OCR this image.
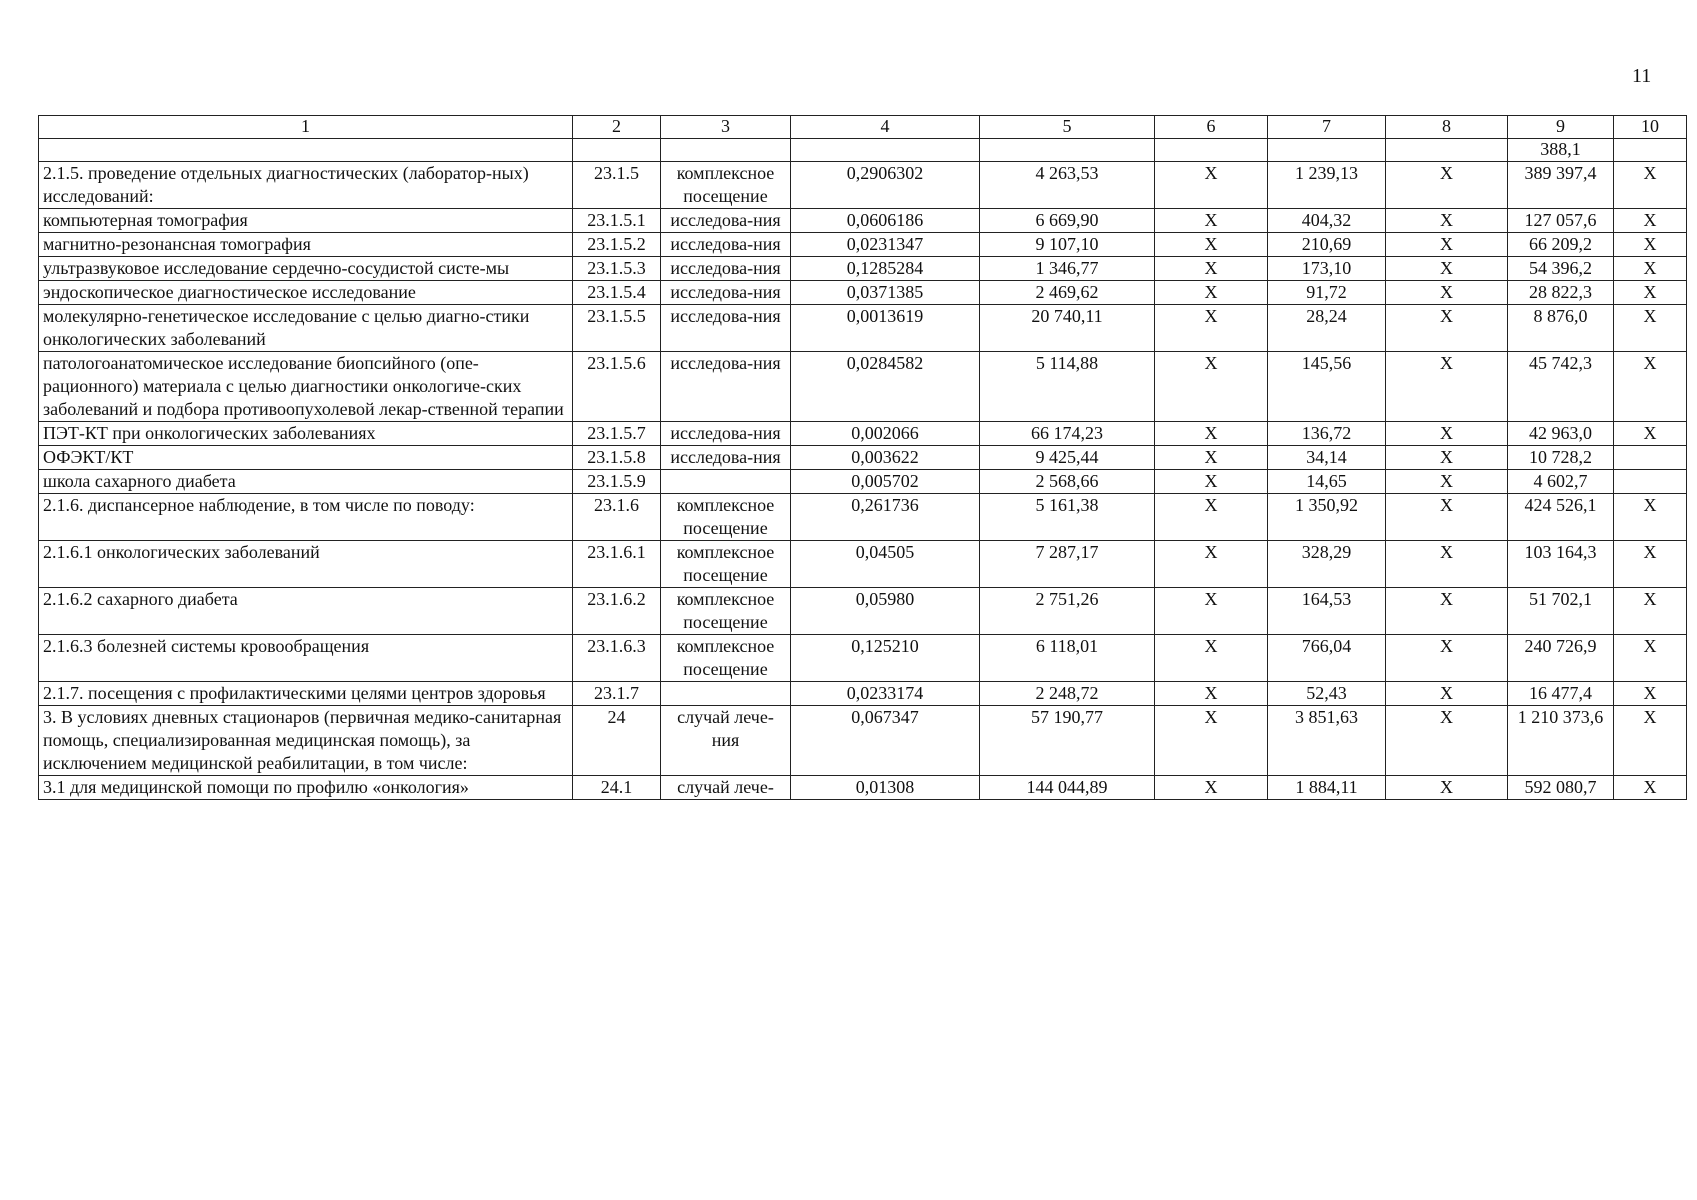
11
1	2	3	4	5	6	7	8	9	10
								388,1	
2.1.5. проведение отдельных диагностических (лаборатор-ных) исследований:	23.1.5	комплексное посещение	0,2906302	4 263,53	X	1 239,13	X	389 397,4	X
компьютерная томография	23.1.5.1	исследова-ния	0,0606186	6 669,90	X	404,32	X	127 057,6	X
магнитно-резонансная томография	23.1.5.2	исследова-ния	0,0231347	9 107,10	X	210,69	X	66 209,2	X
ультразвуковое исследование сердечно-сосудистой систе-мы	23.1.5.3	исследова-ния	0,1285284	1 346,77	X	173,10	X	54 396,2	X
эндоскопическое диагностическое исследование	23.1.5.4	исследова-ния	0,0371385	2 469,62	X	91,72	X	28 822,3	X
молекулярно-генетическое исследование с целью диагно-стики онкологических заболеваний	23.1.5.5	исследова-ния	0,0013619	20 740,11	X	28,24	X	8 876,0	X
патологоанатомическое исследование биопсийного (опе-рационного) материала с целью диагностики онкологиче-ских заболеваний и подбора противоопухолевой лекар-ственной терапии	23.1.5.6	исследова-ния	0,0284582	5 114,88	X	145,56	X	45 742,3	X
ПЭТ-КТ при онкологических заболеваниях	23.1.5.7	исследова-ния	0,002066	66 174,23	X	136,72	X	42 963,0	X
ОФЭКТ/КТ	23.1.5.8	исследова-ния	0,003622	9 425,44	X	34,14	X	10 728,2	
школа сахарного диабета	23.1.5.9		0,005702	2 568,66	X	14,65	X	4 602,7	
2.1.6. диспансерное наблюдение, в том числе по поводу:	23.1.6	комплексное посещение	0,261736	5 161,38	X	1 350,92	X	424 526,1	X
2.1.6.1 онкологических заболеваний	23.1.6.1	комплексное посещение	0,04505	7 287,17	X	328,29	X	103 164,3	X
2.1.6.2 сахарного диабета	23.1.6.2	комплексное посещение	0,05980	2 751,26	X	164,53	X	51 702,1	X
2.1.6.3 болезней системы кровообращения	23.1.6.3	комплексное посещение	0,125210	6 118,01	X	766,04	X	240 726,9	X
2.1.7. посещения с профилактическими целями центров здоровья	23.1.7		0,0233174	2 248,72	X	52,43	X	16 477,4	X
3. В условиях дневных стационаров (первичная медико-санитарная помощь, специализированная медицинская помощь), за исключением медицинской реабилитации, в том числе:	24	случай лече-ния	0,067347	57 190,77	X	3 851,63	X	1 210 373,6	X
3.1 для медицинской помощи по профилю «онкология»	24.1	случай лече-	0,01308	144 044,89	X	1 884,11	X	592 080,7	X
